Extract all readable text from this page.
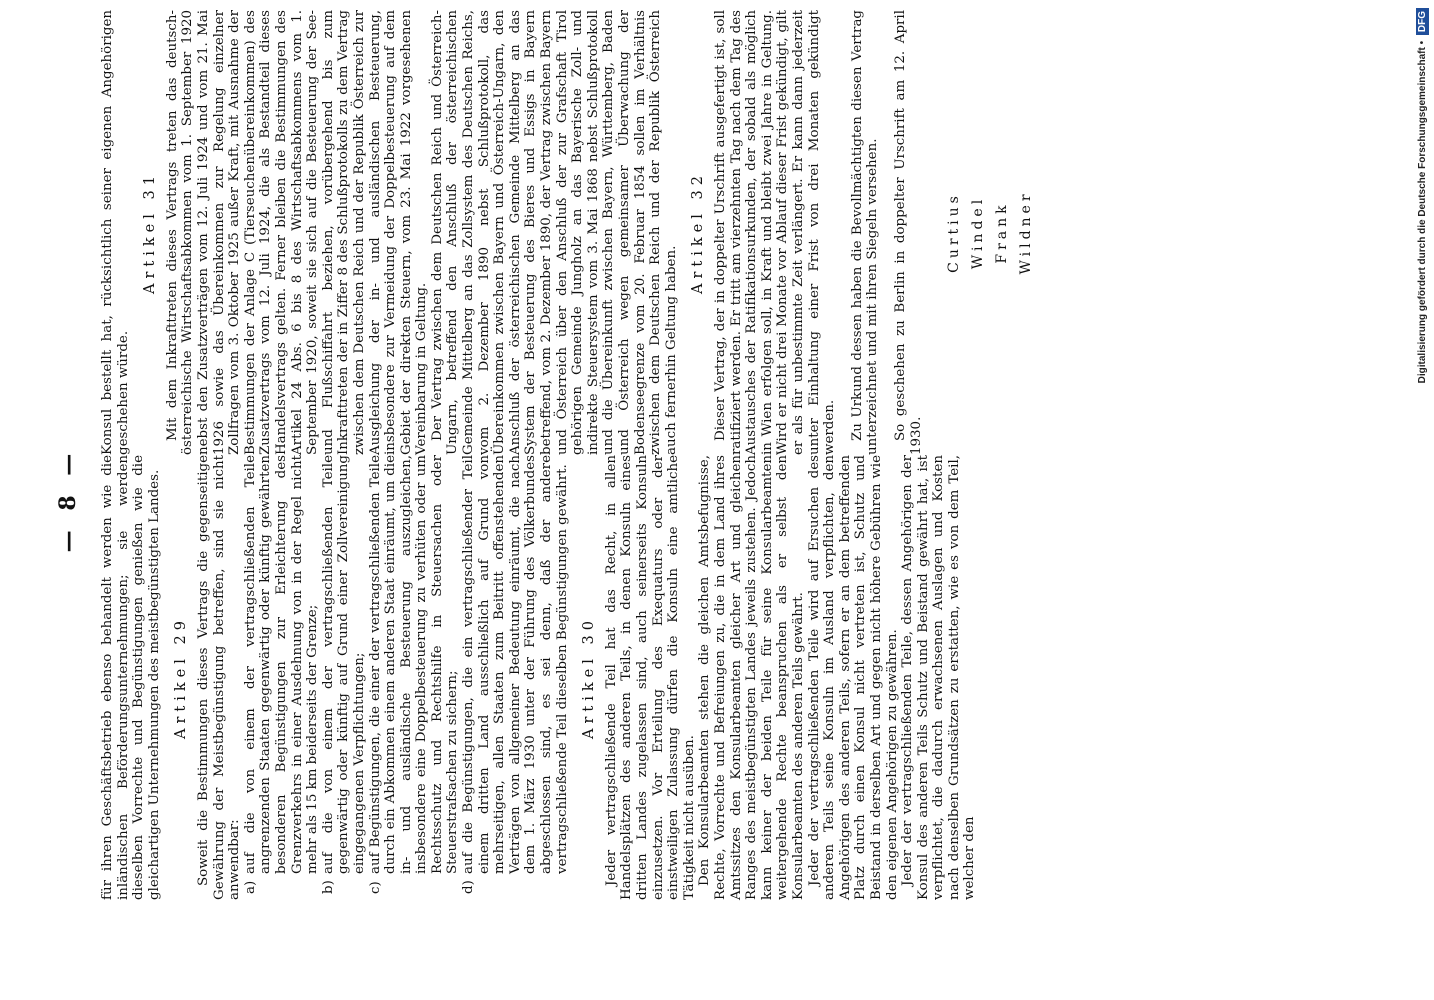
— 8 — für ihren Geschäftsbetrieb ebenso behandelt werden wie die inländischen Beförderungsunternehmungen; sie werden dieselben Vorrechte und Begünstigungen genießen wie die gleichartigen Unternehmungen des meistbegünstigten Landes. Artikel 29 Soweit die Bestimmungen dieses Vertrags die gegenseitige Gewährung der Meistbegünstigung betreffen, sind sie nicht anwendbar: a)
auf die von einem der vertragschließenden Teile angrenzenden Staaten gegenwärtig oder künftig gewährten besonderen Begünstigungen zur Erleichterung des Grenzverkehrs in einer Ausdehnung von in der Regel nicht mehr als 15 km beiderseits der Grenze;

b)
auf die von einem der vertragschließenden Teile gegenwärtig oder künftig auf Grund einer Zollvereinigung eingegangenen Verpflichtungen;

c)
auf Begünstigungen, die einer der vertragschließenden Teile durch ein Abkommen einem anderen Staat einräumt, um die in- und ausländische Besteuerung auszugleichen, insbesondere eine Doppelbesteuerung zu verhüten oder um Rechtsschutz und Rechtshilfe in Steuersachen oder Steuerstrafsachen zu sichern;

d)
auf die Begünstigungen, die ein vertragschließender Teil einem dritten Land ausschließlich auf Grund von mehrseitigen, allen Staaten zum Beitritt offenstehenden Verträgen von allgemeiner Bedeutung einräumt, die nach dem 1. März 1930 unter der Führung des Völkerbundes abgeschlossen sind, es sei denn, daß der andere vertragschließende Teil dieselben Begünstigungen gewährt. Artikel 30 Jeder vertragschließende Teil hat das Recht, in allen Handelsplätzen des anderen Teils, in denen Konsuln eines dritten Landes zugelassen sind, auch seinerseits Konsuln einzusetzen. Vor Erteilung des Exequaturs oder der einstweiligen Zulassung dürfen die Konsuln eine amtliche Tätigkeit nicht ausüben. Den Konsularbeamten stehen die gleichen Amtsbefugnisse, Rechte, Vorrechte und Befreiungen zu, die in dem Land ihres Amtssitzes den Konsularbeamten gleicher Art und gleichen Ranges des meistbegünstigten Landes jeweils zustehen. Jedoch kann keiner der beiden Teile für seine Konsularbeamten weitergehende Rechte beanspruchen als er selbst den Konsularbeamten des anderen Teils gewährt. Jeder der vertragschließenden Teile wird auf Ersuchen des anderen Teils seine Konsuln im Ausland verpflichten, den Angehörigen des anderen Teils, sofern er an dem betreffenden Platz durch einen Konsul nicht vertreten ist, Schutz und Beistand in derselben Art und gegen nicht höhere Gebühren wie den eigenen Angehörigen zu gewähren. Jeder der vertragschließenden Teile, dessen Angehörigen der Konsul des anderen Teils Schutz und Beistand gewährt hat, ist verpflichtet, die dadurch erwachsenen Auslagen und Kosten nach denselben Grundsätzen zu erstatten, wie es von dem Teil, welcher den

Konsul bestellt hat, rücksichtlich seiner eigenen Angehörigen geschehen würde.

Artikel 31 Mit dem Inkrafttreten dieses Vertrags treten das deutsch-österreichische Wirtschaftsabkommen vom 1. September 1920 nebst den Zusatzverträgen vom 12. Juli 1924 und vom 21. Mai 1926 sowie das Übereinkommen zur Regelung einzelner Zollfragen vom 3. Oktober 1925 außer Kraft, mit Ausnahme der Bestimmungen der Anlage C (Tierseuchenübereinkommen) des Zusatzvertrags vom 12. Juli 1924, die als Bestandteil dieses Handelsvertrags gelten. Ferner bleiben die Bestimmungen des Artikel 24 Abs. 6 bis 8 des Wirtschaftsabkommens vom 1. September 1920, soweit sie sich auf die Besteuerung der See- und Flußschiffahrt beziehen, vorübergehend bis zum Inkrafttreten der in Ziffer 8 des Schlußprotokolls zu dem Vertrag zwischen dem Deutschen Reich und der Republik Österreich zur Ausgleichung der in- und ausländischen Besteuerung, insbesondere zur Vermeidung der Doppelbesteuerung auf dem Gebiet der direkten Steuern, vom 23. Mai 1922 vorgesehenen Vereinbarung in Geltung. Der Vertrag zwischen dem Deutschen Reich und Österreich-Ungarn, betreffend den Anschluß der österreichischen Gemeinde Mittelberg an das Zollsystem des Deutschen Reichs, vom 2. Dezember 1890 nebst Schlußprotokoll, das Übereinkommen zwischen Bayern und Österreich-Ungarn, den Anschluß der österreichischen Gemeinde Mittelberg an das System der Besteuerung des Bieres und Essigs in Bayern betreffend, vom 2. Dezember 1890, der Vertrag zwischen Bayern und Österreich über den Anschluß der zur Grafschaft Tirol gehörigen Gemeinde Jungholz an das Bayerische Zoll- und indirekte Steuersystem vom 3. Mai 1868 nebst Schlußprotokoll und die Übereinkunft zwischen Bayern, Württemberg, Baden und Österreich wegen gemeinsamer Überwachung der Bodenseegrenze vom 20. Februar 1854 sollen im Verhältnis zwischen dem Deutschen Reich und der Republik Österreich auch fernerhin Geltung haben.

Artikel 32 Dieser Vertrag, der in doppelter Urschrift ausgefertigt ist, soll ratifiziert werden. Er tritt am vierzehnten Tag nach dem Tag des Austausches der Ratifikationsurkunden, der sobald als möglich in Wien erfolgen soll, in Kraft und bleibt zwei Jahre in Geltung. Wird er nicht drei Monate vor Ablauf dieser Frist gekündigt, gilt er als für unbestimmte Zeit verlängert. Er kann dann jederzeit unter Einhaltung einer Frist von drei Monaten gekündigt werden. Zu Urkund dessen haben die Bevollmächtigten diesen Vertrag unterzeichnet und mit ihren Siegeln versehen. So geschehen zu Berlin in doppelter Urschrift am 12. April 1930.

Curtius Windel Frank Wildner	Digitalisierung gefördert durch die Deutsche Forschungsgemeinschaft • DFG
